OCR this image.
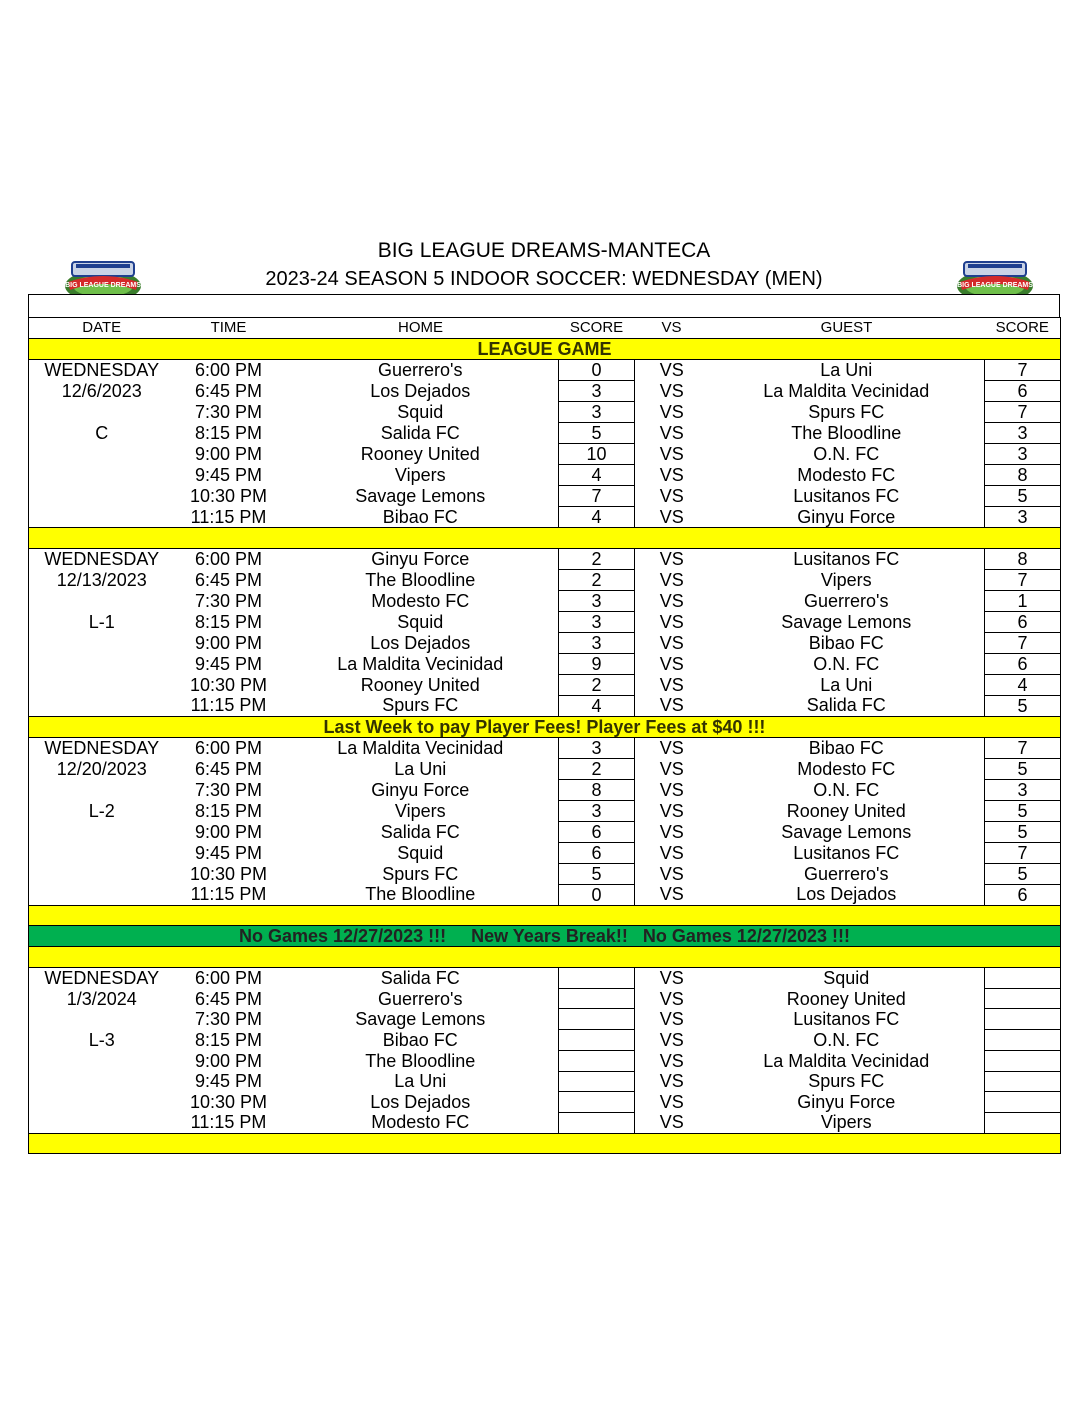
BIG LEAGUE DREAMS-MANTECA
2023-24 SEASON 5 INDOOR SOCCER: WEDNESDAY (MEN)
BIG LEAGUE DREAMS	BIG LEAGUE DREAMS
DATE	TIME	HOME	SCORE	VS	GUEST	SCORE
LEAGUE GAME						
WEDNESDAY	6:00 PM	Guerrero's	0	VS	La Uni	7
12/6/2023	6:45 PM	Los Dejados	3	VS	La Maldita Vecinidad	6
	7:30 PM	Squid	3	VS	Spurs FC	7
C	8:15 PM	Salida FC	5	VS	The Bloodline	3
	9:00 PM	Rooney United	10	VS	O.N. FC	3
	9:45 PM	Vipers	4	VS	Modesto FC	8
	10:30 PM	Savage Lemons	7	VS	Lusitanos FC	5
	11:15 PM	Bibao FC	4	VS	Ginyu Force	3

WEDNESDAY	6:00 PM	Ginyu Force	2	VS	Lusitanos FC	8
12/13/2023	6:45 PM	The Bloodline	2	VS	Vipers	7
	7:30 PM	Modesto FC	3	VS	Guerrero's	1
L-1	8:15 PM	Squid	3	VS	Savage Lemons	6
	9:00 PM	Los Dejados	3	VS	Bibao FC	7
	9:45 PM	La Maldita Vecinidad	9	VS	O.N. FC	6
	10:30 PM	Rooney United	2	VS	La Uni	4
	11:15 PM	Spurs FC	4	VS	Salida FC	5
Last Week to pay Player Fees! Player Fees at $40 !!!						
WEDNESDAY	6:00 PM	La Maldita Vecinidad	3	VS	Bibao FC	7
12/20/2023	6:45 PM	La Uni	2	VS	Modesto FC	5
	7:30 PM	Ginyu Force	8	VS	O.N. FC	3
L-2	8:15 PM	Vipers	3	VS	Rooney United	5
	9:00 PM	Salida FC	6	VS	Savage Lemons	5
	9:45 PM	Squid	6	VS	Lusitanos FC	7
	10:30 PM	Spurs FC	5	VS	Guerrero's	5
	11:15 PM	The Bloodline	0	VS	Los Dejados	6

No Games 12/27/2023 !!!     New Years Break!!   No Games 12/27/2023 !!!						

WEDNESDAY	6:00 PM	Salida FC		VS	Squid	
1/3/2024	6:45 PM	Guerrero's		VS	Rooney United	
	7:30 PM	Savage Lemons		VS	Lusitanos FC	
L-3	8:15 PM	Bibao FC		VS	O.N. FC	
	9:00 PM	The Bloodline		VS	La Maldita Vecinidad	
	9:45 PM	La Uni		VS	Spurs FC	
	10:30 PM	Los Dejados		VS	Ginyu Force	
	11:15 PM	Modesto FC		VS	Vipers	
